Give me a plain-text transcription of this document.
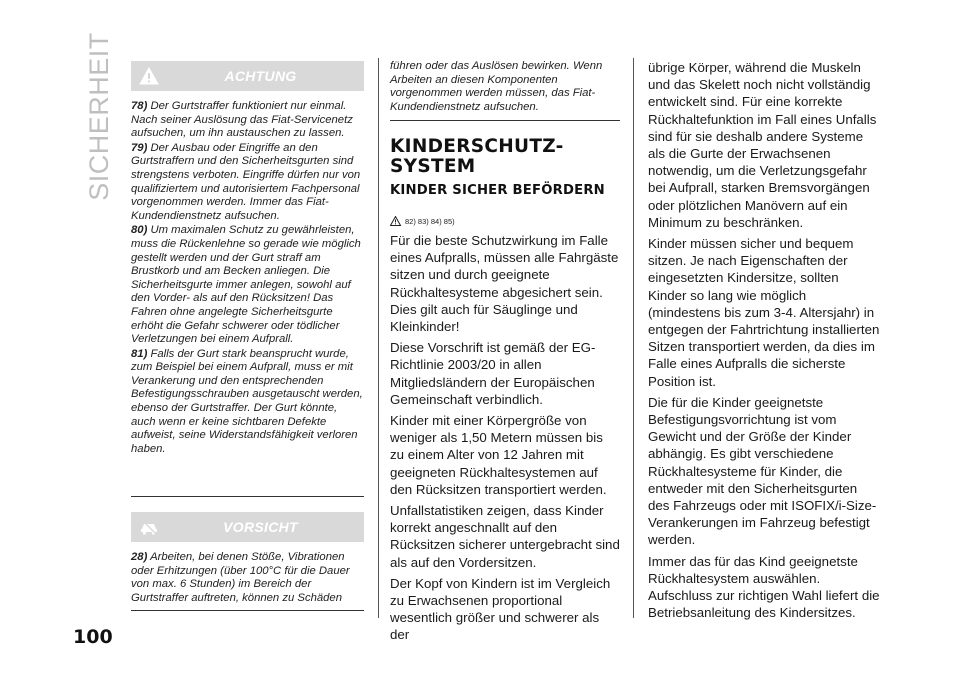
SICHERHEIT	ACHTUNG

78) Der Gurtstraffer funktioniert nur einmal. Nach seiner Auslösung das Fiat-Servicenetz aufsuchen, um ihn austauschen zu lassen.

79) Der Ausbau oder Eingriffe an den Gurtstraffern und den Sicherheitsgurten sind strengstens verboten. Eingriffe dürfen nur von qualifiziertem und autorisiertem Fachpersonal vorgenommen werden. Immer das Fiat-Kundendienstnetz aufsuchen.

80) Um maximalen Schutz zu gewährleisten, muss die Rückenlehne so gerade wie möglich gestellt werden und der Gurt straff am Brustkorb und am Becken anliegen. Die Sicherheitsgurte immer anlegen, sowohl auf den Vorder- als auf den Rücksitzen! Das Fahren ohne angelegte Sicherheitsgurte erhöht die Gefahr schwerer oder tödlicher Verletzungen bei einem Aufprall.

81) Falls der Gurt stark beansprucht wurde, zum Beispiel bei einem Aufprall, muss er mit Verankerung und den entsprechenden Befestigungsschrauben ausgetauscht werden, ebenso der Gurtstraffer. Der Gurt könnte, auch wenn er keine sichtbaren Defekte aufweist, seine Widerstandsfähigkeit verloren haben.

VORSICHT

28) Arbeiten, bei denen Stöße, Vibrationen oder Erhitzungen (über 100°C für die Dauer von max. 6 Stunden) im Bereich der Gurtstraffer auftreten, können zu Schäden

führen oder das Auslösen bewirken. Wenn Arbeiten an diesen Komponenten vorgenommen werden müssen, das Fiat-Kundendienstnetz aufsuchen.

KINDERSCHUTZ-SYSTEM
KINDER SICHER BEFÖRDERN
82) 83) 84) 85)

Für die beste Schutzwirkung im Falle eines Aufpralls, müssen alle Fahrgäste sitzen und durch geeignete Rückhaltesysteme abgesichert sein. Dies gilt auch für Säuglinge und Kleinkinder!

Diese Vorschrift ist gemäß der EG-Richtlinie 2003/20 in allen Mitgliedsländern der Europäischen Gemeinschaft verbindlich.

Kinder mit einer Körpergröße von weniger als 1,50 Metern müssen bis zu einem Alter von 12 Jahren mit geeigneten Rückhaltesystemen auf den Rücksitzen transportiert werden.

Unfallstatistiken zeigen, dass Kinder korrekt angeschnallt auf den Rücksitzen sicherer untergebracht sind als auf den Vordersitzen.

Der Kopf von Kindern ist im Vergleich zu Erwachsenen proportional wesentlich größer und schwerer als der

übrige Körper, während die Muskeln und das Skelett noch nicht vollständig entwickelt sind. Für eine korrekte Rückhaltefunktion im Fall eines Unfalls sind für sie deshalb andere Systeme als die Gurte der Erwachsenen notwendig, um die Verletzungsgefahr bei Aufprall, starken Bremsvorgängen oder plötzlichen Manövern auf ein Minimum zu beschränken.

Kinder müssen sicher und bequem sitzen. Je nach Eigenschaften der eingesetzten Kindersitze, sollten Kinder so lang wie möglich (mindestens bis zum 3-4. Altersjahr) in entgegen der Fahrtrichtung installierten Sitzen transportiert werden, da dies im Falle eines Aufpralls die sicherste Position ist.

Die für die Kinder geeignetste Befestigungsvorrichtung ist vom Gewicht und der Größe der Kinder abhängig. Es gibt verschiedene Rückhaltesysteme für Kinder, die entweder mit den Sicherheitsgurten des Fahrzeugs oder mit ISOFIX/i-Size-Verankerungen im Fahrzeug befestigt werden.

Immer das für das Kind geeignetste Rückhaltesystem auswählen. Aufschluss zur richtigen Wahl liefert die Betriebsanleitung des Kindersitzes.

100
